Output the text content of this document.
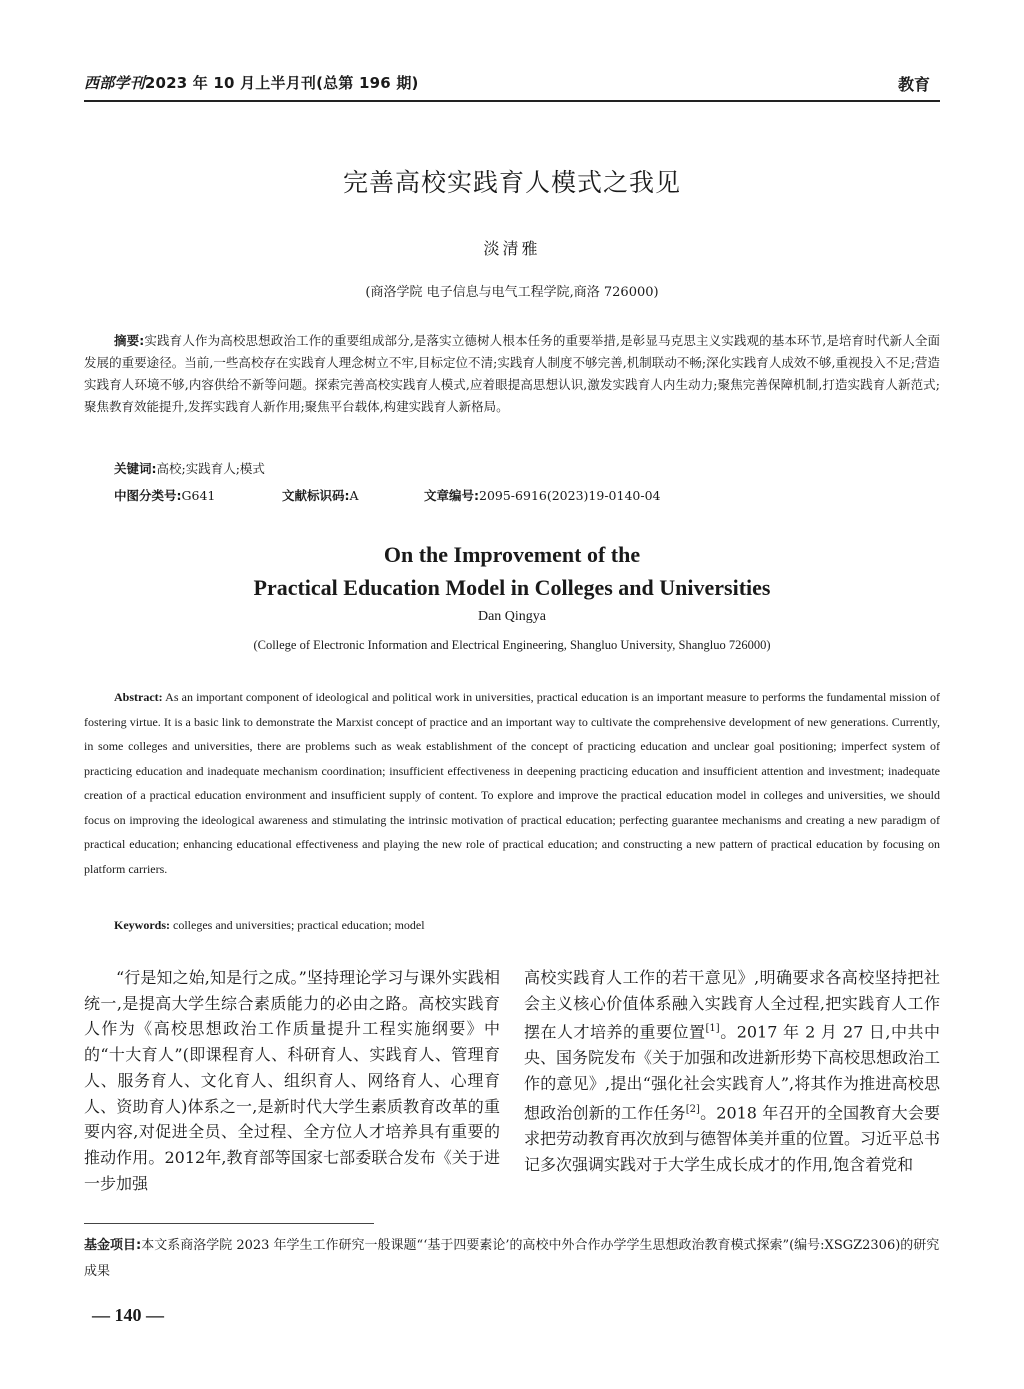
西部学刊2023 年 10 月上半月刊(总第 196 期)	教育
完善高校实践育人模式之我见
淡清雅
(商洛学院 电子信息与电气工程学院,商洛 726000)
摘要:实践育人作为高校思想政治工作的重要组成部分,是落实立德树人根本任务的重要举措,是彰显马克思主义实践观的基本环节,是培育时代新人全面发展的重要途径。当前,一些高校存在实践育人理念树立不牢,目标定位不清;实践育人制度不够完善,机制联动不畅;深化实践育人成效不够,重视投入不足;营造实践育人环境不够,内容供给不新等问题。探索完善高校实践育人模式,应着眼提高思想认识,激发实践育人内生动力;聚焦完善保障机制,打造实践育人新范式;聚焦教育效能提升,发挥实践育人新作用;聚焦平台载体,构建实践育人新格局。
关键词:高校;实践育人;模式
中图分类号:G641	文献标识码:A	文章编号:2095-6916(2023)19-0140-04
On the Improvement of the
Practical Education Model in Colleges and Universities
Dan Qingya
(College of Electronic Information and Electrical Engineering, Shangluo University, Shangluo 726000)
Abstract: As an important component of ideological and political work in universities, practical education is an important measure to performs the fundamental mission of fostering virtue. It is a basic link to demonstrate the Marxist concept of practice and an important way to cultivate the comprehensive development of new generations. Currently, in some colleges and universities, there are problems such as weak establishment of the concept of practicing education and unclear goal positioning; imperfect system of practicing education and inadequate mechanism coordination; insufficient effectiveness in deepening practicing education and insufficient attention and investment; inadequate creation of a practical education environment and insufficient supply of content. To explore and improve the practical education model in colleges and universities, we should focus on improving the ideological awareness and stimulating the intrinsic motivation of practical education; perfecting guarantee mechanisms and creating a new paradigm of practical education; enhancing educational effectiveness and playing the new role of practical education; and constructing a new pattern of practical education by focusing on platform carriers.
Keywords: colleges and universities; practical education; model
“行是知之始,知是行之成。”坚持理论学习与课外实践相统一,是提高大学生综合素质能力的必由之路。高校实践育人作为《高校思想政治工作质量提升工程实施纲要》中的“十大育人”(即课程育人、科研育人、实践育人、管理育人、服务育人、文化育人、组织育人、网络育人、心理育人、资助育人)体系之一,是新时代大学生素质教育改革的重要内容,对促进全员、全过程、全方位人才培养具有重要的推动作用。2012年,教育部等国家七部委联合发布《关于进一步加强
高校实践育人工作的若干意见》,明确要求各高校坚持把社会主义核心价值体系融入实践育人全过程,把实践育人工作摆在人才培养的重要位置[1]。2017 年 2 月 27 日,中共中央、国务院发布《关于加强和改进新形势下高校思想政治工作的意见》,提出“强化社会实践育人”,将其作为推进高校思想政治创新的工作任务[2]。2018 年召开的全国教育大会要求把劳动教育再次放到与德智体美并重的位置。习近平总书记多次强调实践对于大学生成长成才的作用,饱含着党和
基金项目:本文系商洛学院 2023 年学生工作研究一般课题“‘基于四要素论’的高校中外合作办学学生思想政治教育模式探索”(编号:XSGZ2306)的研究成果
— 140 —
